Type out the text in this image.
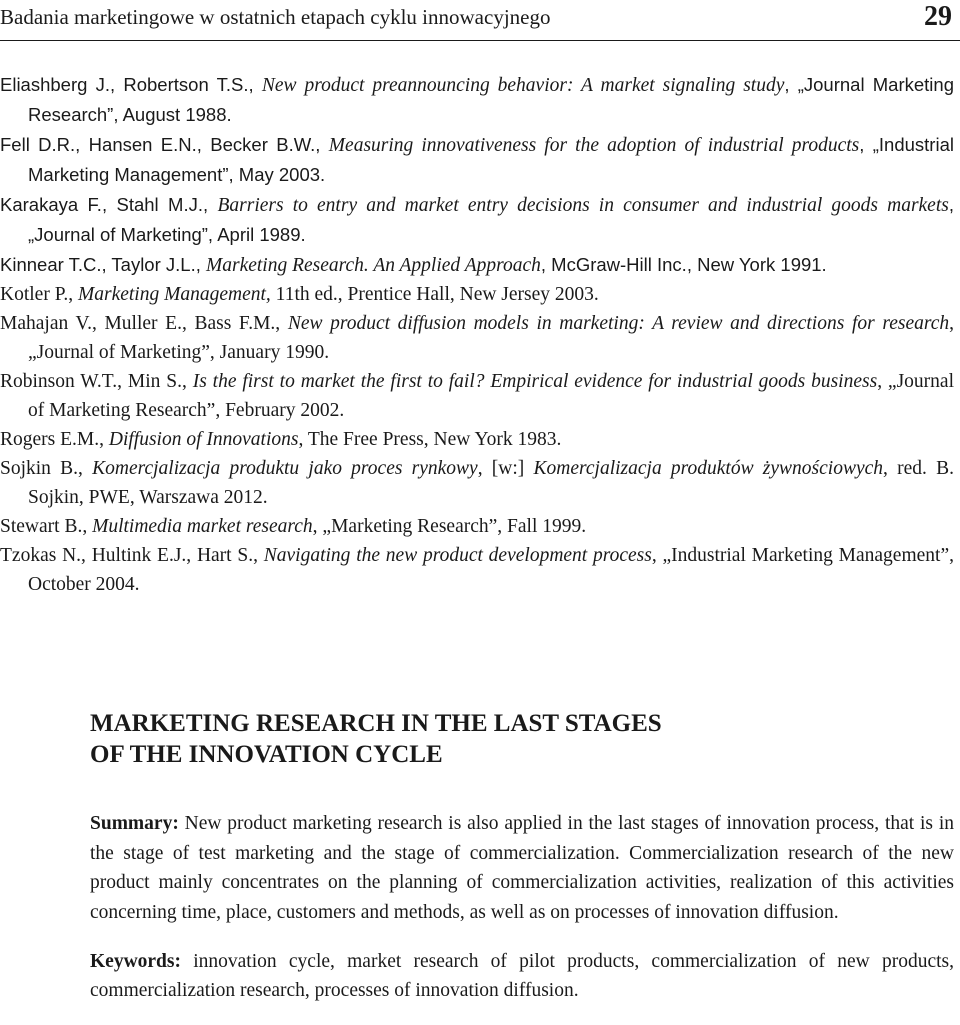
Badania marketingowe w ostatnich etapach cyklu innowacyjnego	29
Eliashberg J., Robertson T.S., New product preannouncing behavior: A market signaling study, „Journal Marketing Research”, August 1988.
Fell D.R., Hansen E.N., Becker B.W., Measuring innovativeness for the adoption of industrial products, „Industrial Marketing Management”, May 2003.
Karakaya F., Stahl M.J., Barriers to entry and market entry decisions in consumer and industrial goods markets, „Journal of Marketing”, April 1989.
Kinnear T.C., Taylor J.L., Marketing Research. An Applied Approach, McGraw-Hill Inc., New York 1991.
Kotler P., Marketing Management, 11th ed., Prentice Hall, New Jersey 2003.
Mahajan V., Muller E., Bass F.M., New product diffusion models in marketing: A review and directions for research, „Journal of Marketing”, January 1990.
Robinson W.T., Min S., Is the first to market the first to fail? Empirical evidence for industrial goods business, „Journal of Marketing Research”, February 2002.
Rogers E.M., Diffusion of Innovations, The Free Press, New York 1983.
Sojkin B., Komercjalizacja produktu jako proces rynkowy, [w:] Komercjalizacja produktów żywnościowych, red. B. Sojkin, PWE, Warszawa 2012.
Stewart B., Multimedia market research, „Marketing Research”, Fall 1999.
Tzokas N., Hultink E.J., Hart S., Navigating the new product development process, „Industrial Marketing Management”, October 2004.
MARKETING RESEARCH IN THE LAST STAGES
OF THE INNOVATION CYCLE

Summary: New product marketing research is also applied in the last stages of innovation process, that is in the stage of test marketing and the stage of commercialization. Commercialization research of the new product mainly concentrates on the planning of commercialization activities, realization of this activities concerning time, place, customers and methods, as well as on processes of innovation diffusion.

Keywords: innovation cycle, market research of pilot products, commercialization of new products, commercialization research, processes of innovation diffusion.
